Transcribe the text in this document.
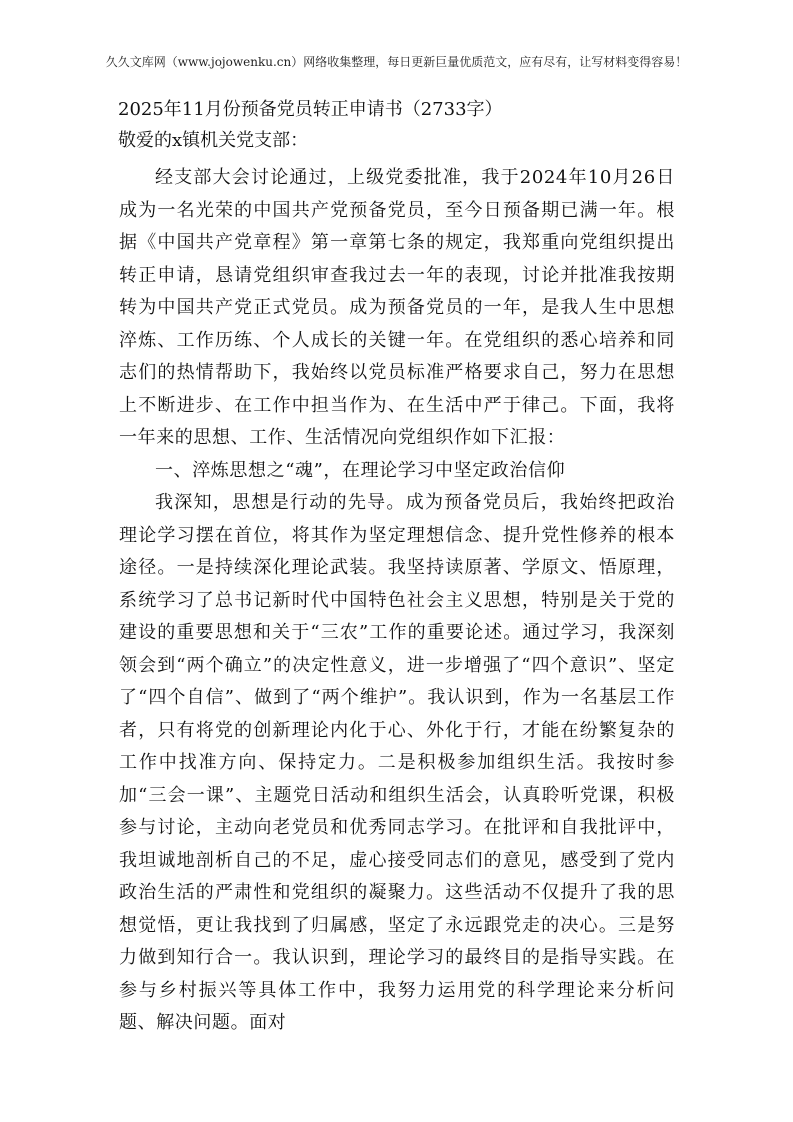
久久文库网（www.jojowenku.cn）网络收集整理，每日更新巨量优质范文，应有尽有，让写材料变得容易！
2025年11月份预备党员转正申请书（2733字）
敬爱的x镇机关党支部：

经支部大会讨论通过，上级党委批准，我于2024年10月26日成为一名光荣的中国共产党预备党员，至今日预备期已满一年。根据《中国共产党章程》第一章第七条的规定，我郑重向党组织提出转正申请，恳请党组织审查我过去一年的表现，讨论并批准我按期转为中国共产党正式党员。成为预备党员的一年，是我人生中思想淬炼、工作历练、个人成长的关键一年。在党组织的悉心培养和同志们的热情帮助下，我始终以党员标准严格要求自己，努力在思想上不断进步、在工作中担当作为、在生活中严于律己。下面，我将一年来的思想、工作、生活情况向党组织作如下汇报：

一、淬炼思想之“魂”，在理论学习中坚定政治信仰

我深知，思想是行动的先导。成为预备党员后，我始终把政治理论学习摆在首位，将其作为坚定理想信念、提升党性修养的根本途径。一是持续深化理论武装。我坚持读原著、学原文、悟原理，系统学习了总书记新时代中国特色社会主义思想，特别是关于党的建设的重要思想和关于“三农”工作的重要论述。通过学习，我深刻领会到“两个确立”的决定性意义，进一步增强了“四个意识”、坚定了“四个自信”、做到了“两个维护”。我认识到，作为一名基层工作者，只有将党的创新理论内化于心、外化于行，才能在纷繁复杂的工作中找准方向、保持定力。二是积极参加组织生活。我按时参加“三会一课”、主题党日活动和组织生活会，认真聆听党课，积极参与讨论，主动向老党员和优秀同志学习。在批评和自我批评中，我坦诚地剖析自己的不足，虚心接受同志们的意见，感受到了党内政治生活的严肃性和党组织的凝聚力。这些活动不仅提升了我的思想觉悟，更让我找到了归属感，坚定了永远跟党走的决心。三是努力做到知行合一。我认识到，理论学习的最终目的是指导实践。在参与乡村振兴等具体工作中，我努力运用党的科学理论来分析问题、解决问题。面对
